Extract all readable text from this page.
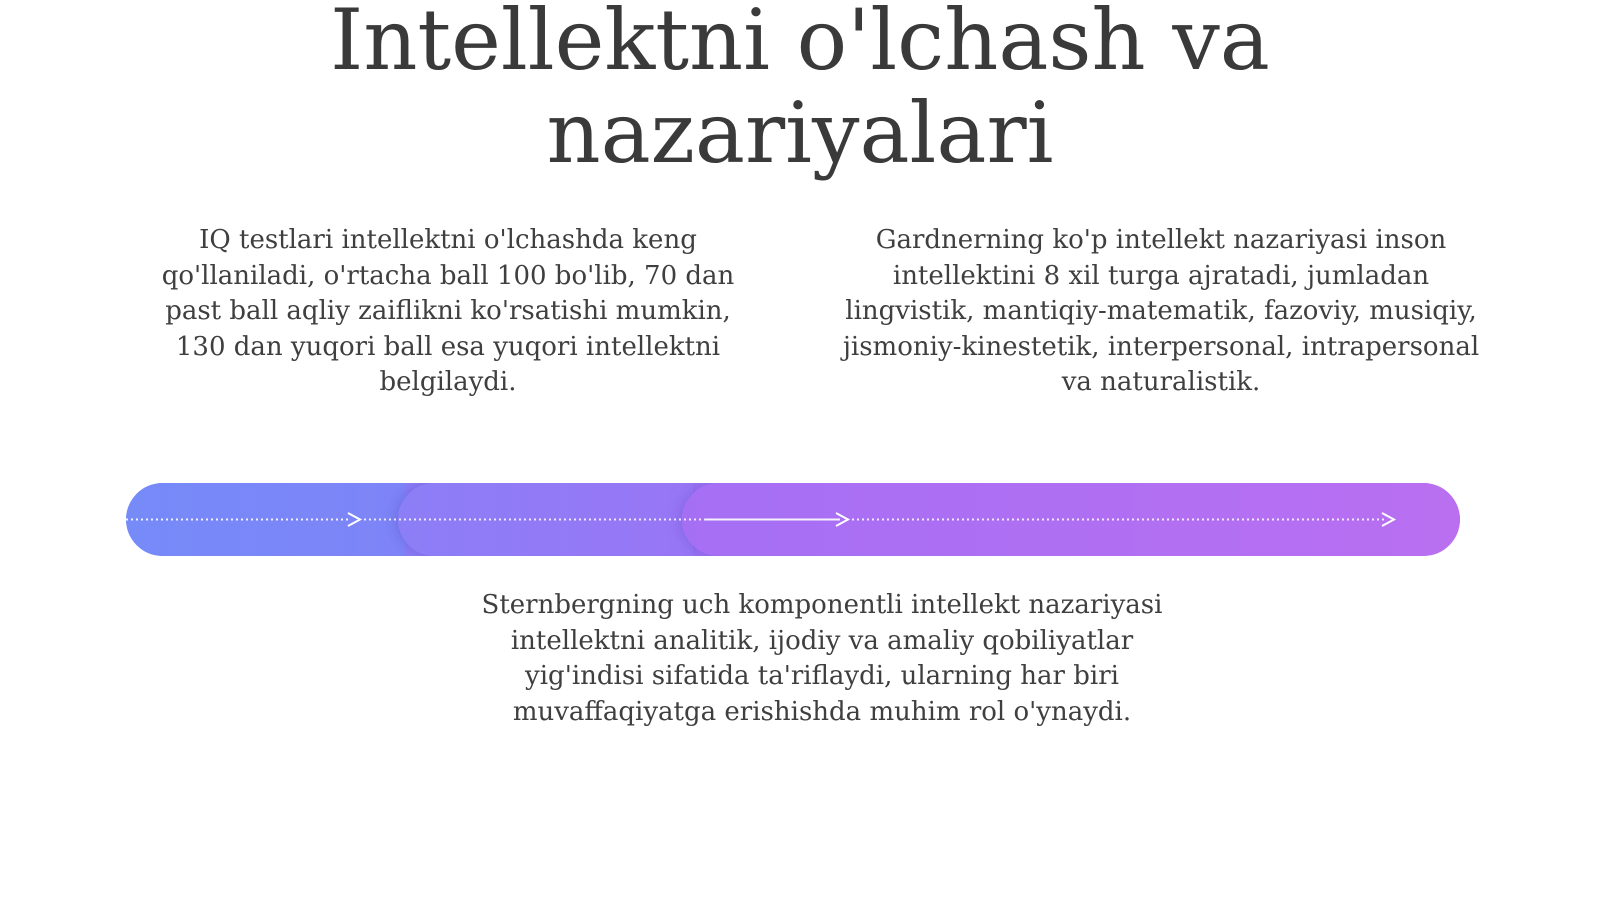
Intellektni o'lchash va
nazariyalari

IQ testlari intellektni o'lchashda keng qo'llaniladi, o'rtacha ball 100 bo'lib, 70 dan past ball aqliy zaiflikni ko'rsatishi mumkin, 130 dan yuqori ball esa yuqori intellektni belgilaydi.

Gardnerning ko'p intellekt nazariyasi inson intellektini 8 xil turga ajratadi, jumladan lingvistik, mantiqiy-matematik, fazoviy, musiqiy, jismoniy-kinestetik, interpersonal, intrapersonal va naturalistik.

Sternbergning uch komponentli intellekt nazariyasi intellektni analitik, ijodiy va amaliy qobiliyatlar yig'indisi sifatida ta'riflaydi, ularning har biri muvaffaqiyatga erishishda muhim rol o'ynaydi.
